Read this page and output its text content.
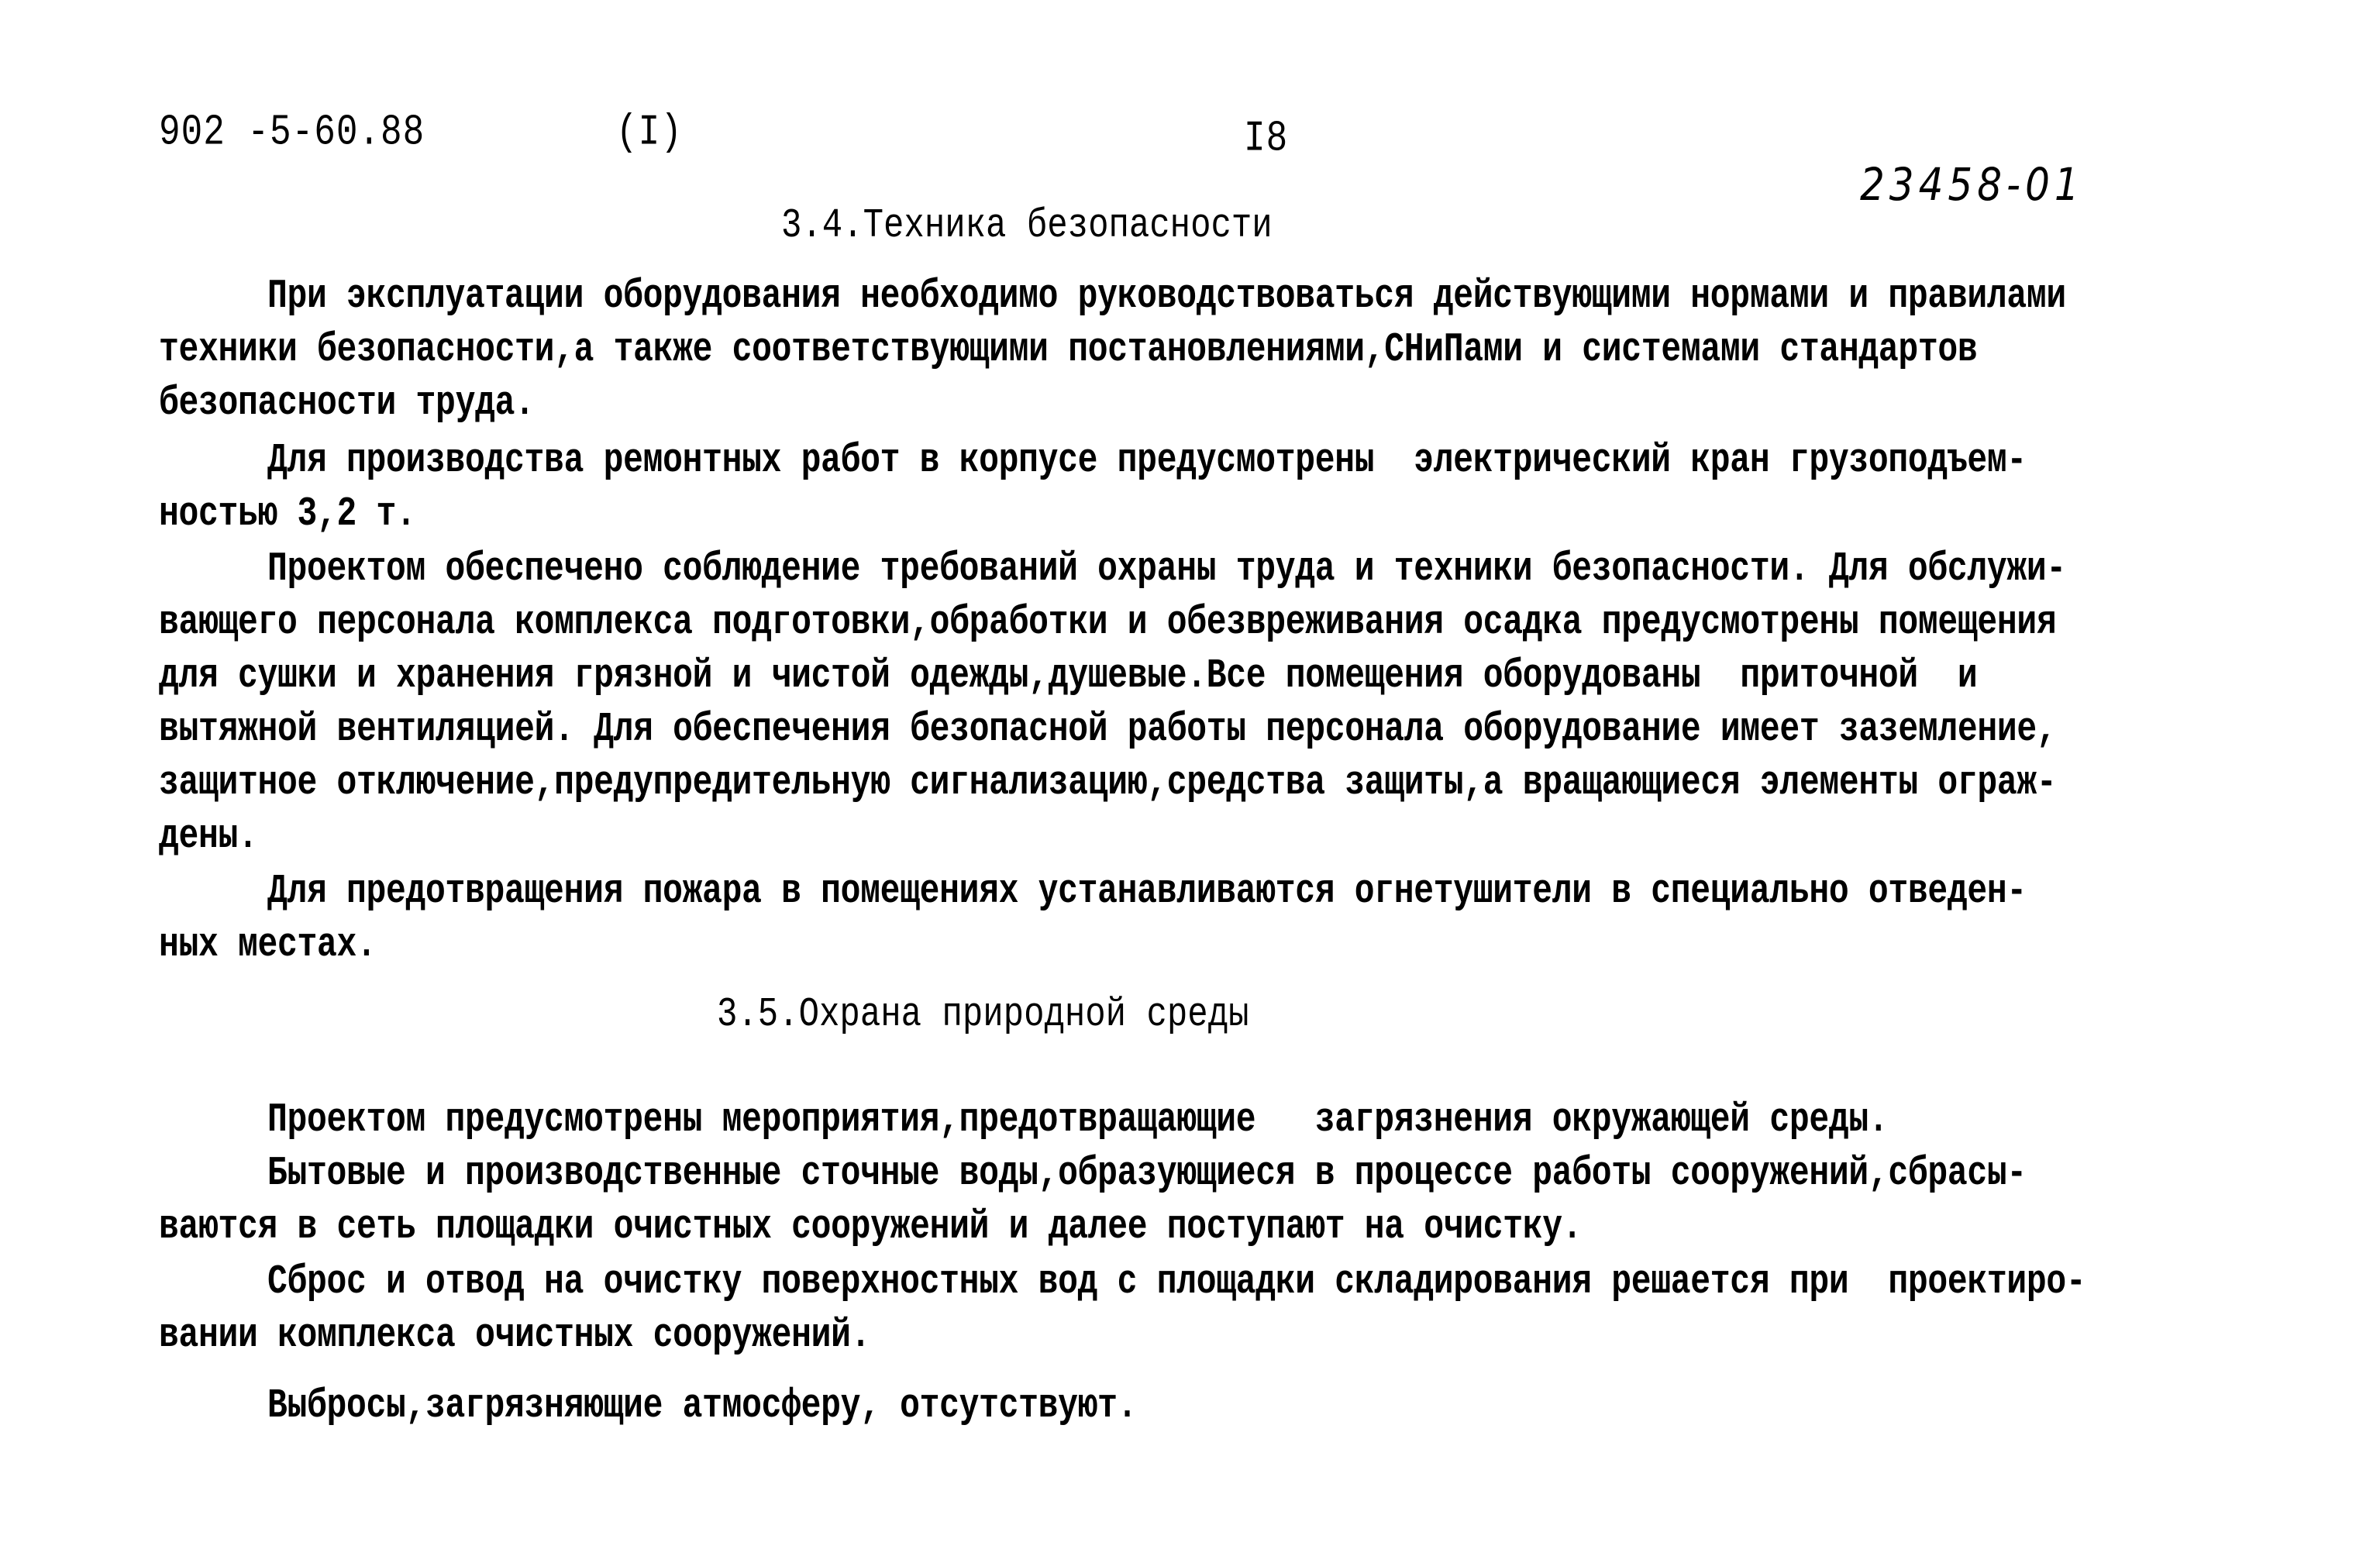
902 -5-60.88	(I)	I8
23458-01
3.4.Техника безопасности
При эксплуатации оборудования необходимо руководствоваться действующими нормами и правилами
техники безопасности,а также соответствующими постановлениями,СНиПами и системами стандартов
безопасности труда.
Для производства ремонтных работ в корпусе предусмотрены  электрический кран грузоподъем-
ностью 3,2 т.
Проектом обеспечено соблюдение требований охраны труда и техники безопасности. Для обслужи-
вающего персонала комплекса подготовки,обработки и обезвреживания осадка предусмотрены помещения
для сушки и хранения грязной и чистой одежды,душевые.Все помещения оборудованы  приточной  и
вытяжной вентиляцией. Для обеспечения безопасной работы персонала оборудование имеет заземление,
защитное отключение,предупредительную сигнализацию,средства защиты,а вращающиеся элементы ограж-
дены.
Для предотвращения пожара в помещениях устанавливаются огнетушители в специально отведен-
ных местах.
3.5.Охрана природной среды
Проектом предусмотрены мероприятия,предотвращающие   загрязнения окружающей среды.
Бытовые и производственные сточные воды,образующиеся в процессе работы сооружений,сбрасы-
ваются в сеть площадки очистных сооружений и далее поступают на очистку.
Сброс и отвод на очистку поверхностных вод с площадки складирования решается при  проектиро-
вании комплекса очистных сооружений.
Выбросы,загрязняющие атмосферу, отсутствуют.
